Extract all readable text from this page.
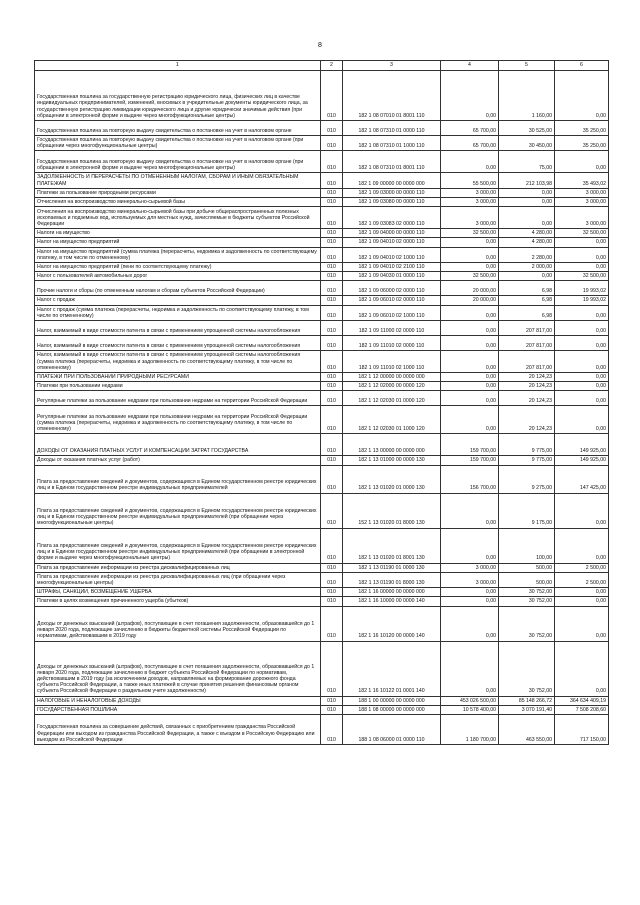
8
1	2	3	4	5	6
Государственная пошлина за государственную регистрацию юридического лица, физических лиц в качестве индивидуальных предпринимателей, изменений, вносимых в учредительные документы юридического лица, за государственную регистрацию ликвидации юридического лица и другие юридически значимые действия (при обращении в электронной форме и выдаче через многофункциональные центры)	010	182 1 08 07010 01 8001 110	0,00	1 160,00	0,00
Государственная пошлина за повторную выдачу свидетельства о постановке на учет в налоговом органе	010	182 1 08 07310 01 0000 110	65 700,00	30 525,00	35 250,00
Государственная пошлина за повторную выдачу свидетельства о постановке на учет в налоговом органе (при обращении через многофункциональные центры)	010	182 1 08 07310 01 1000 110	65 700,00	30 450,00	35 250,00
Государственная пошлина за повторную выдачу свидетельства о постановке на учет в налоговом органе (при обращении в электронной форме и выдаче через многофункциональные центры)	010	182 1 08 07310 01 8001 110	0,00	75,00	0,00
ЗАДОЛЖЕННОСТЬ И ПЕРЕРАСЧЕТЫ ПО ОТМЕНЕННЫМ НАЛОГАМ, СБОРАМ И ИНЫМ ОБЯЗАТЕЛЬНЫМ ПЛАТЕЖАМ	010	182 1 09 00000 00 0000 000	55 500,00	212 103,98	35 493,02
Платежи за пользование природными ресурсами	010	182 1 09 03000 00 0000 110	3 000,00	0,00	3 000,00
Отчисления на воспроизводство минерально-сырьевой базы	010	182 1 09 03080 00 0000 110	3 000,00	0,00	3 000,00
Отчисления на воспроизводство минерально-сырьевой базы при добыче общераспространенных полезных ископаемых и подземных вод, используемых для местных нужд, зачисляемые в бюджеты субъектов Российской Федерации	010	182 1 09 03083 02 0000 110	3 000,00	0,00	3 000,00
Налоги на имущество	010	182 1 09 04000 00 0000 110	32 500,00	4 280,00	32 500,00
Налог на имущество предприятий	010	182 1 09 04010 02 0000 110	0,00	4 280,00	0,00
Налог на имущество предприятий (сумма платежа (перерасчеты, недоимка и задолженность по соответствующему платежу, в том числе по отмененному)	010	182 1 09 04010 02 1000 110	0,00	2 280,00	0,00
Налог на имущество предприятий (пени по соответствующему платежу)	010	182 1 09 04010 02 2100 110	0,00	2 000,00	0,00
Налог с пользователей автомобильных дорог	010	182 1 09 04030 01 0000 110	32 500,00	0,00	32 500,00
Прочие налоги и сборы (по отмененным налогам и сборам субъектов Российской Федерации)	010	182 1 09 06000 02 0000 110	20 000,00	6,98	19 993,02
Налог с продаж	010	182 1 09 06010 02 0000 110	20 000,00	6,98	19 993,02
Налог с продаж (сумма платежа (перерасчеты, недоимка и задолженность по соответствующему платежу, в том числе по отмененному)	010	182 1 09 06010 02 1000 110	0,00	6,98	0,00
Налог, взимаемый в виде стоимости патента в связи с применением упрощенной системы налогообложения	010	182 1 09 11000 02 0000 110	0,00	207 817,00	0,00
Налог, взимаемый в виде стоимости патента в связи с применением упрощенной системы налогообложения	010	182 1 09 11010 02 0000 110	0,00	207 817,00	0,00
Налог, взимаемый в виде стоимости патента в связи с применением упрощенной системы налогообложения (сумма платежа (перерасчеты, недоимка и задолженность по соответствующему платежу, в том числе по отмененному)	010	182 1 09 11010 02 1000 110	0,00	207 817,00	0,00
ПЛАТЕЖИ ПРИ ПОЛЬЗОВАНИИ ПРИРОДНЫМИ РЕСУРСАМИ	010	182 1 12 00000 00 0000 000	0,00	20 124,23	0,00
Платежи при пользовании недрами	010	182 1 12 02000 00 0000 120	0,00	20 124,23	0,00
Регулярные платежи за пользование недрами при пользовании недрами на территории Российской Федерации	010	182 1 12 02030 01 0000 120	0,00	20 124,23	0,00
Регулярные платежи за пользование недрами при пользовании недрами на территории Российской Федерации (сумма платежа (перерасчеты, недоимка и задолженность по соответствующему платежу, в том числе по отмененному)	010	182 1 12 02030 01 1000 120	0,00	20 124,23	0,00
ДОХОДЫ ОТ ОКАЗАНИЯ ПЛАТНЫХ УСЛУГ И КОМПЕНСАЦИИ ЗАТРАТ ГОСУДАРСТВА	010	182 1 13 00000 00 0000 000	159 700,00	9 775,00	149 925,00
Доходы от оказания платных услуг (работ)	010	182 1 13 01000 00 0000 130	159 700,00	9 775,00	149 925,00
Плата за предоставление сведений и документов, содержащихся в Едином государственном реестре юридических лиц и в Едином государственном реестре индивидуальных предпринимателей	010	182 1 13 01020 01 0000 130	156 700,00	9 275,00	147 425,00
Плата за предоставление сведений и документов, содержащихся в Едином государственном реестре юридических лиц и в Едином государственном реестре индивидуальных предпринимателей (при обращении через многофункциональные центры)	010	152 1 13 01020 01 8000 130	0,00	9 175,00	0,00
Плата за предоставление сведений и документов, содержащихся в Едином государственном реестре юридических лиц и в Едином государственном реестре индивидуальных предпринимателей (при обращении в электронной форме и выдаче через многофункциональные центры)	010	182 1 13 01020 01 8001 130	0,00	100,00	0,00
Плата за предоставление информации из реестра дисквалифицированных лиц	010	182 1 13 01190 01 0000 130	3 000,00	500,00	2 500,00
Плата за предоставление информации из реестра дисквалифицированных лиц (при обращении через многофункциональные центры)	010	182 1 13 01190 01 8000 130	3 000,00	500,00	2 500,00
ШТРАФЫ, САНКЦИИ, ВОЗМЕЩЕНИЕ УЩЕРБА	010	182 1 16 00000 00 0000 000	0,00	30 752,00	0,00
Платежи в целях возмещения причиненного ущерба (убытков)	010	182 1 16 10000 00 0000 140	0,00	30 752,00	0,00
Доходы от денежных взысканий (штрафов), поступающие в счет погашения задолженности, образовавшейся до 1 января 2020 года, подлежащие зачислению в бюджеты бюджетной системы Российской Федерации по нормативам, действовавшим в 2019 году	010	182 1 16 10120 00 0000 140	0,00	30 752,00	0,00
Доходы от денежных взысканий (штрафов), поступающие в счет погашения задолженности, образовавшейся до 1 января 2020 года, подлежащие зачислению в бюджет субъекта Российской Федерации по нормативам, действовавшим в 2019 году (за исключением доходов, направляемых на формирование дорожного фонда субъекта Российской Федерации, а также иных платежей в случае принятия решения финансовым органом субъекта Российской Федерации о раздельном учете задолженности)	010	182 1 16 10122 01 0001 140	0,00	30 752,00	0,00
НАЛОГОВЫЕ И НЕНАЛОГОВЫЕ ДОХОДЫ	010	188 1 00 00000 00 0000 000	453 026 500,00	85 148 266,72	364 634 409,19
ГОСУДАРСТВЕННАЯ ПОШЛИНА	010	188 1 08 00000 00 0000 000	10 578 400,00	3 070 191,40	7 508 208,60
Государственная пошлина за совершение действий, связанных с приобретением гражданства Российской Федерации или выходом из гражданства Российской Федерации, а также с въездом в Российскую Федерацию или выездом из Российской Федерации	010	188 1 08 06000 01 0000 110	1 180 700,00	463 550,00	717 150,00
